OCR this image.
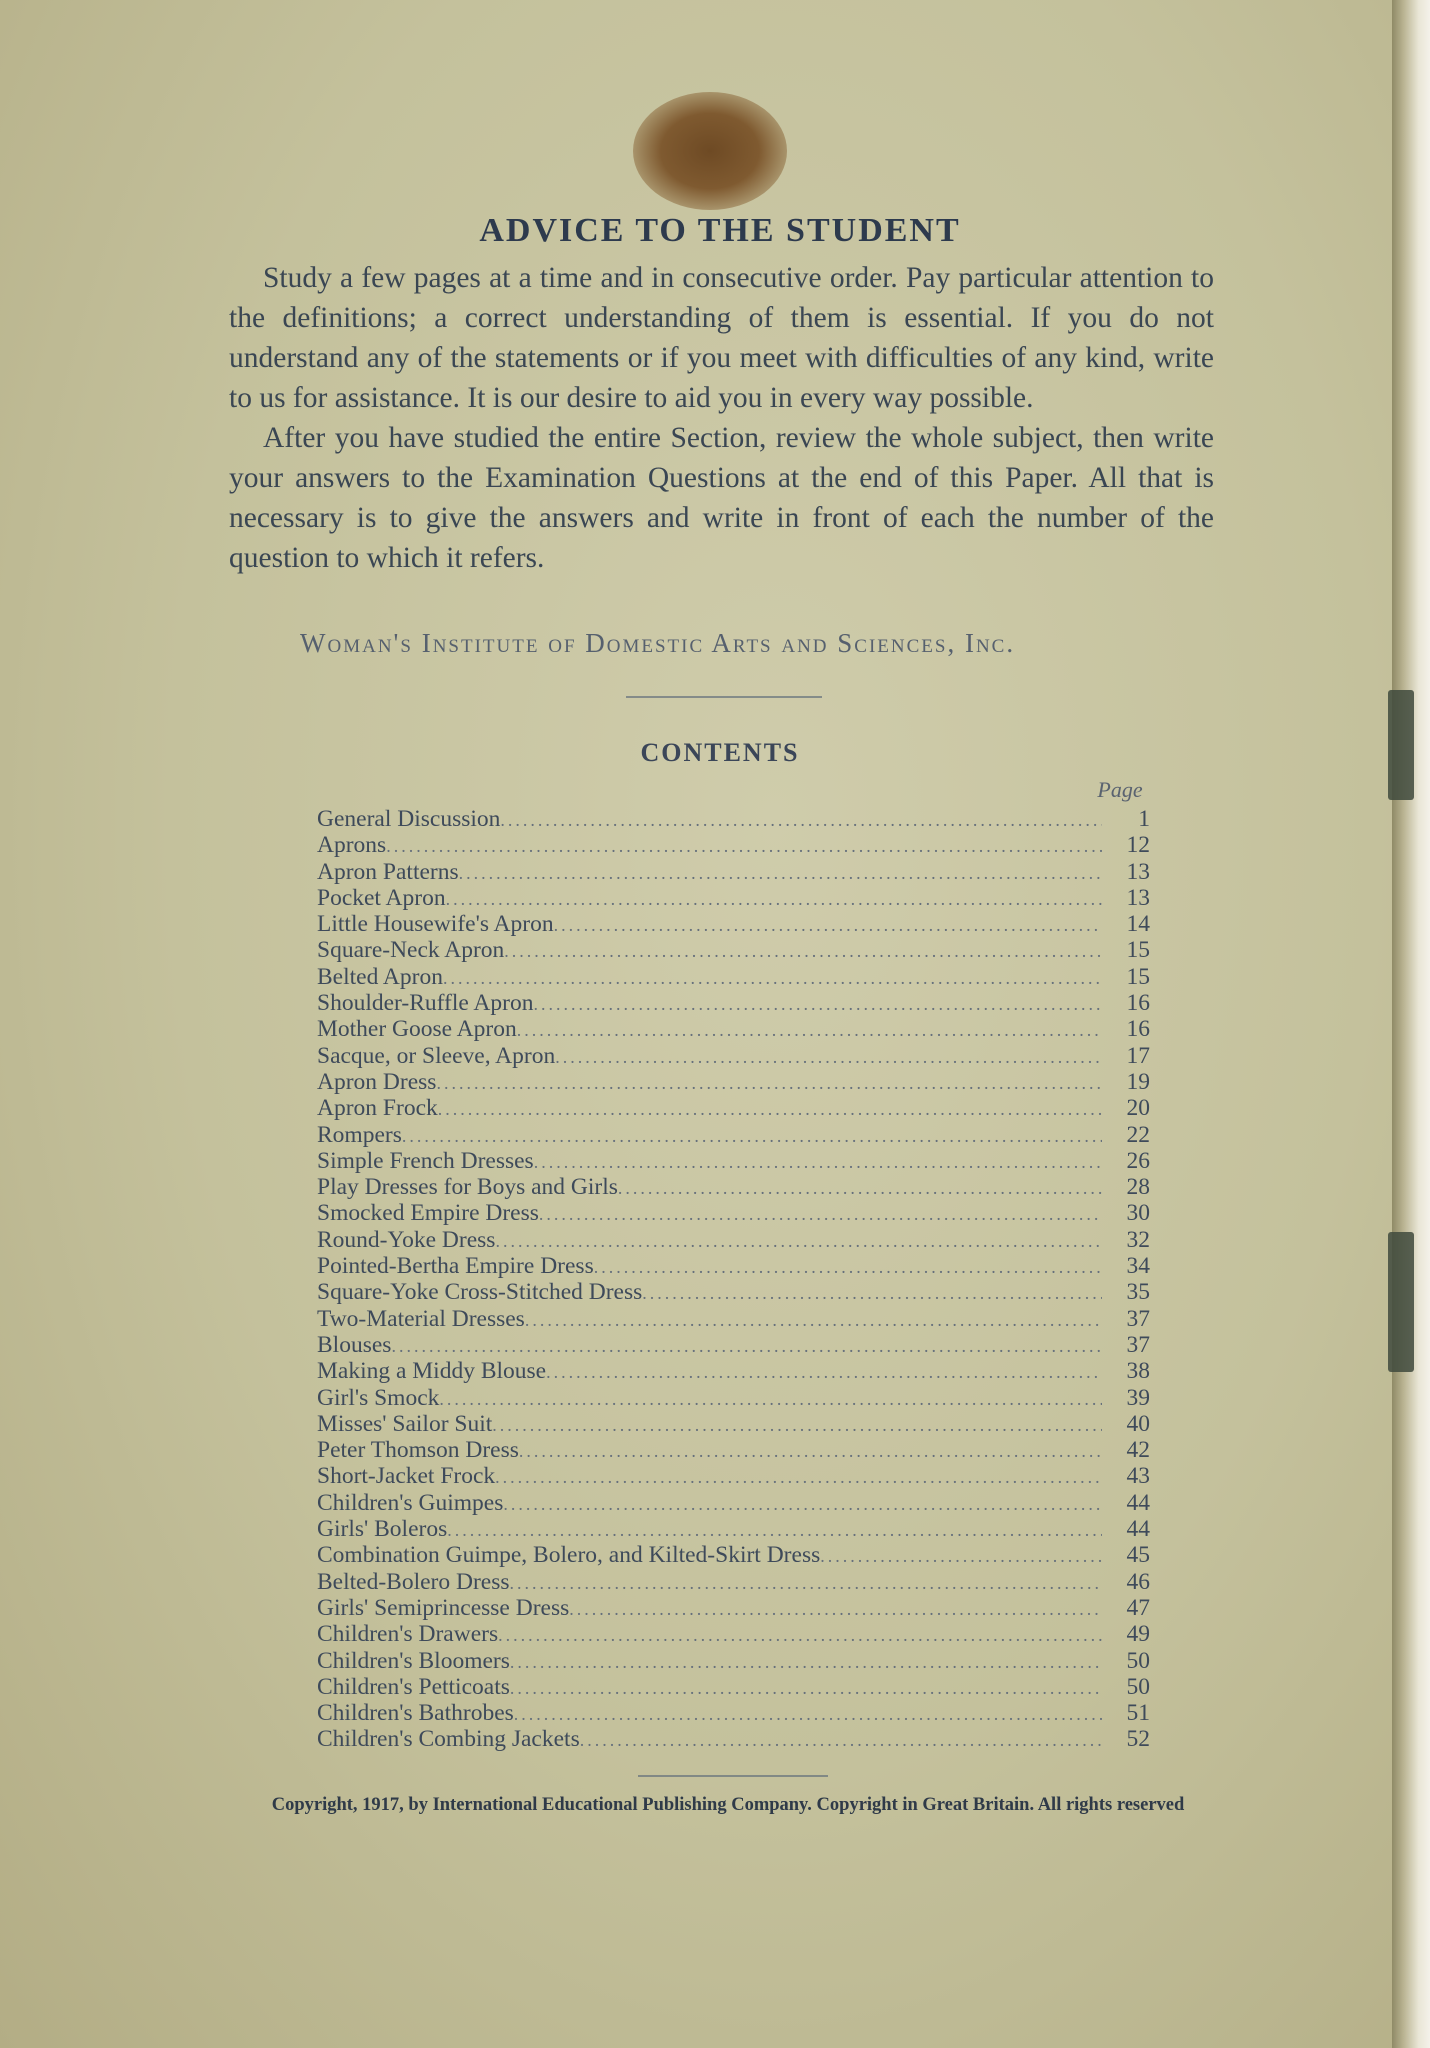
ADVICE TO THE STUDENT

Study a few pages at a time and in consecutive order. Pay particular attention to the definitions; a correct understanding of them is essential. If you do not understand any of the statements or if you meet with difficulties of any kind, write to us for assistance. It is our desire to aid you in every way possible.

After you have studied the entire Section, review the whole subject, then write your answers to the Examination Questions at the end of this Paper. All that is necessary is to give the answers and write in front of each the number of the question to which it refers.

Woman's Institute of Domestic Arts and Sciences, Inc.

CONTENTS

Page

General Discussion .....	1
Aprons .....	12
Apron Patterns .....	13
Pocket Apron .....	13
Little Housewife's Apron .....	14
Square-Neck Apron .....	15
Belted Apron .....	15
Shoulder-Ruffle Apron .....	16
Mother Goose Apron .....	16
Sacque, or Sleeve, Apron .....	17
Apron Dress .....	19
Apron Frock .....	20
Rompers .....	22
Simple French Dresses .....	26
Play Dresses for Boys and Girls .....	28
Smocked Empire Dress .....	30
Round-Yoke Dress .....	32
Pointed-Bertha Empire Dress .....	34
Square-Yoke Cross-Stitched Dress .....	35
Two-Material Dresses .....	37
Blouses .....	37
Making a Middy Blouse .....	38
Girl's Smock .....	39
Misses' Sailor Suit .....	40
Peter Thomson Dress .....	42
Short-Jacket Frock .....	43
Children's Guimpes .....	44
Girls' Boleros .....	44
Combination Guimpe, Bolero, and Kilted-Skirt Dress .....	45
Belted-Bolero Dress .....	46
Girls' Semiprincesse Dress .....	47
Children's Drawers .....	49
Children's Bloomers .....	50
Children's Petticoats .....	50
Children's Bathrobes .....	51
Children's Combing Jackets .....	52

Copyright, 1917, by International Educational Publishing Company. Copyright in Great Britain. All rights reserved
